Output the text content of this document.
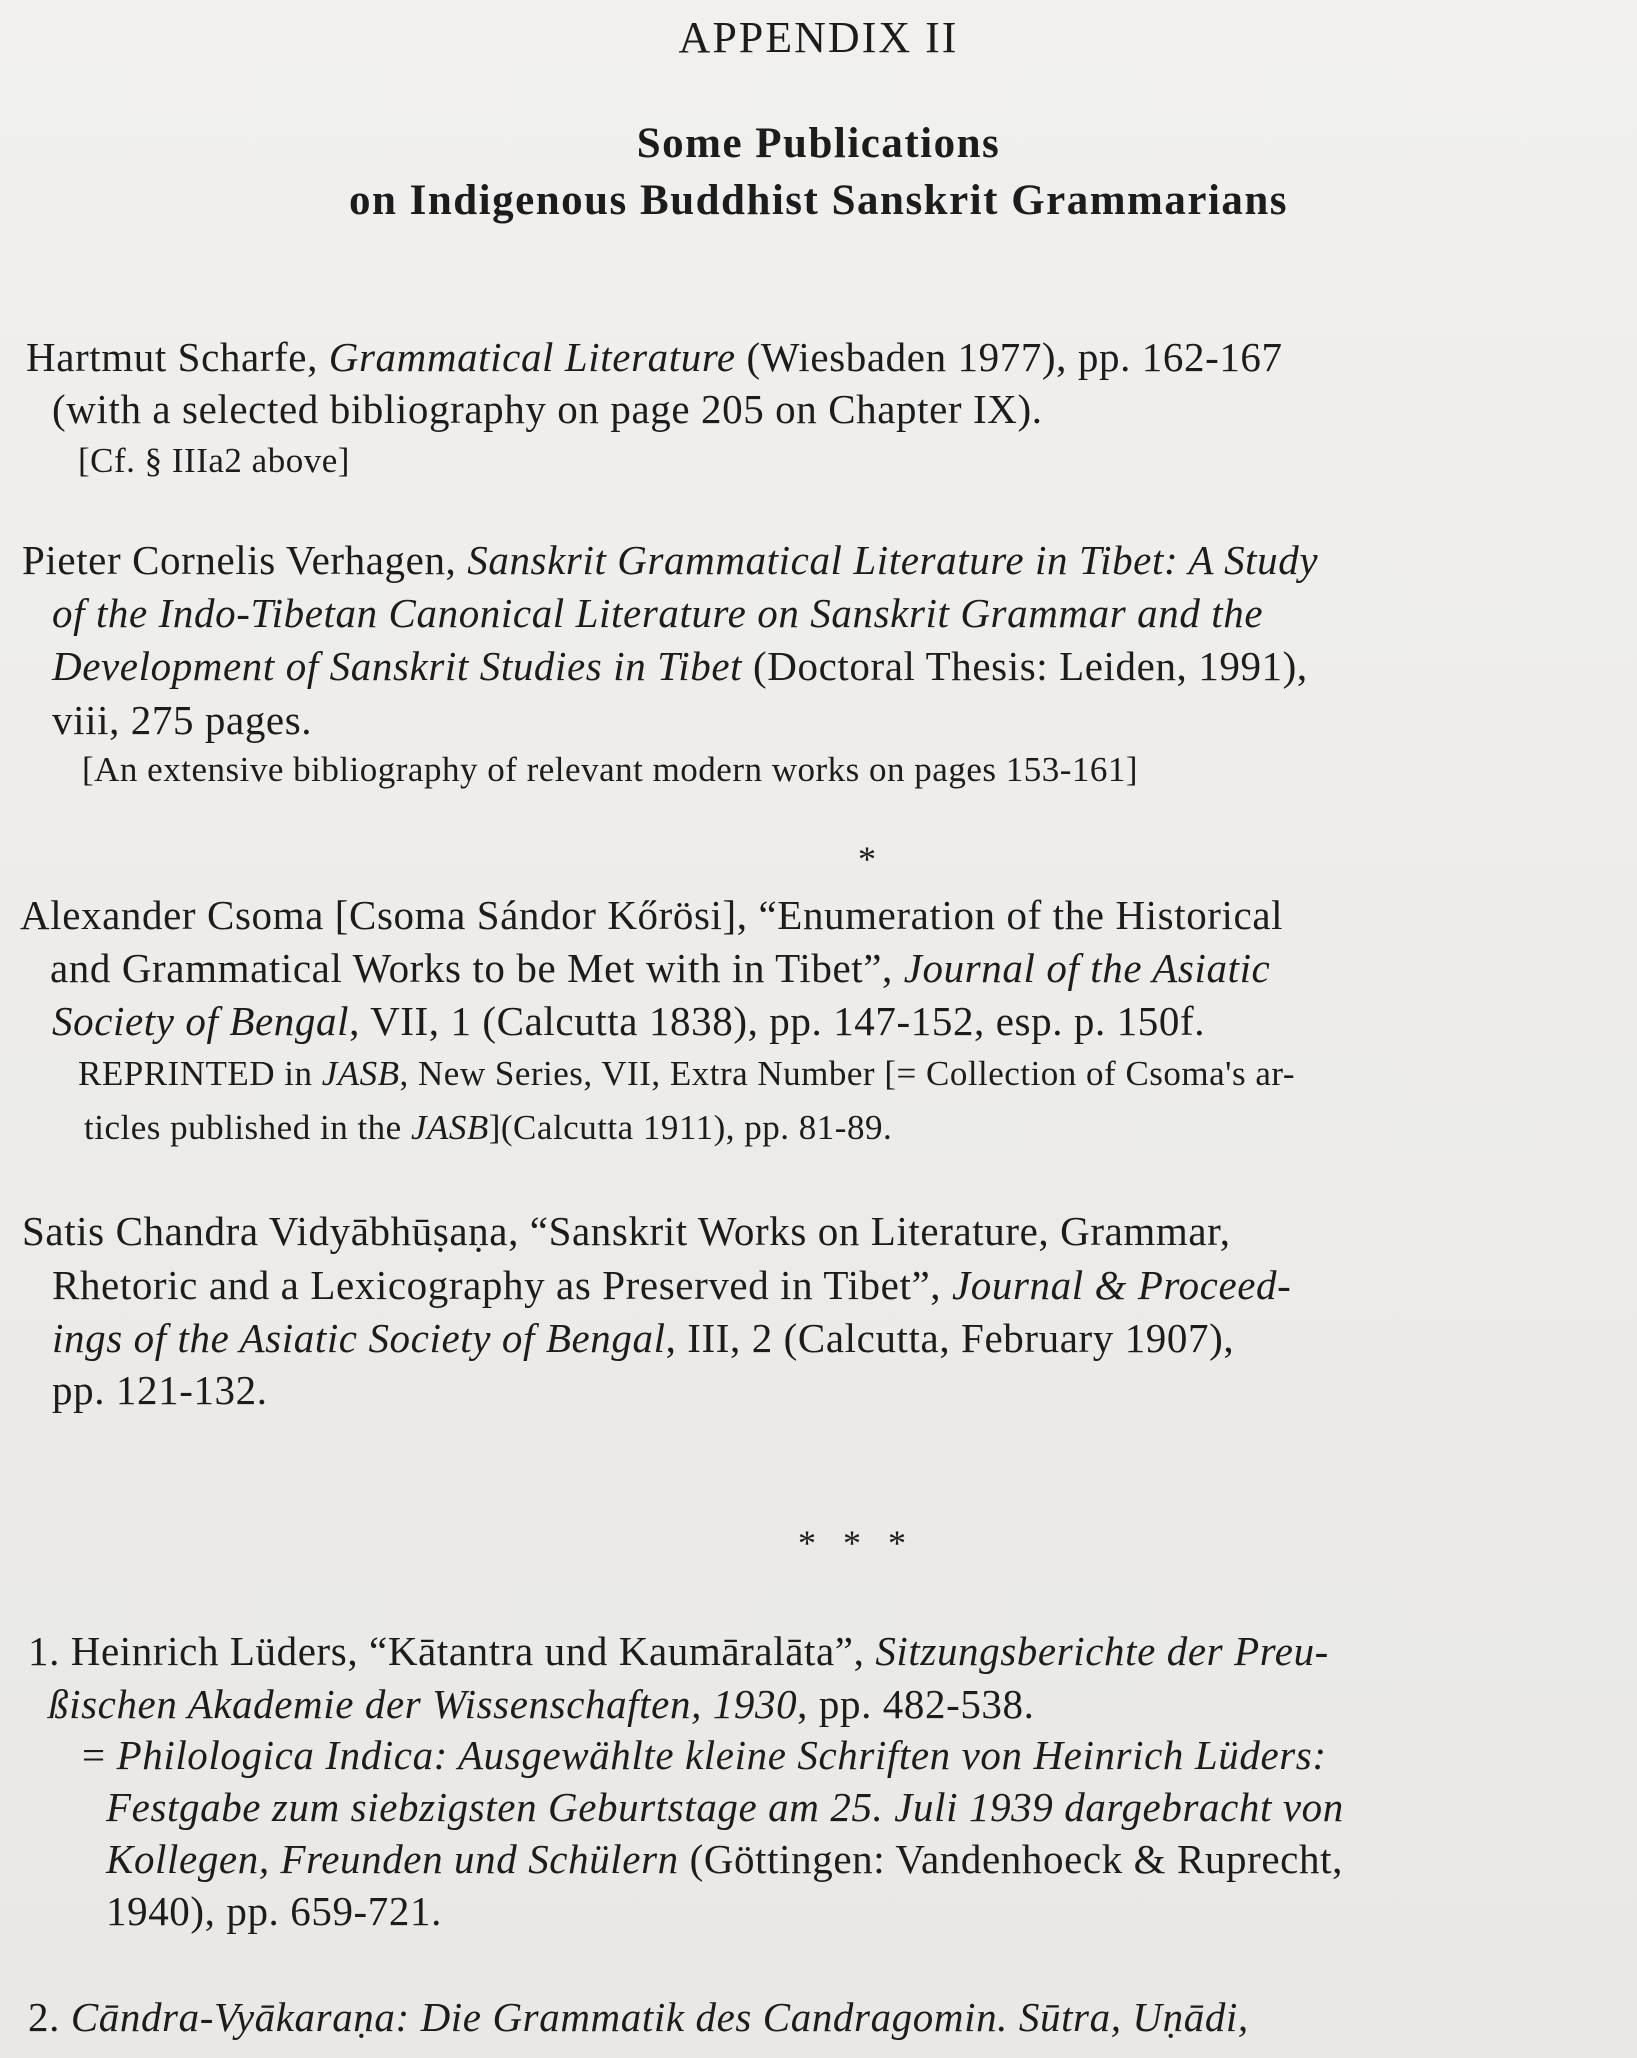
APPENDIX II
Some Publications
on Indigenous Buddhist Sanskrit Grammarians
Hartmut Scharfe, Grammatical Literature (Wiesbaden 1977), pp. 162-167
(with a selected bibliography on page 205 on Chapter IX).
[Cf. § IIIa2 above]
Pieter Cornelis Verhagen, Sanskrit Grammatical Literature in Tibet: A Study
of the Indo-Tibetan Canonical Literature on Sanskrit Grammar and the
Development of Sanskrit Studies in Tibet (Doctoral Thesis: Leiden, 1991),
viii, 275 pages.
[An extensive bibliography of relevant modern works on pages 153-161]
*
Alexander Csoma [Csoma Sándor Kőrösi], “Enumeration of the Historical
and Grammatical Works to be Met with in Tibet”, Journal of the Asiatic
Society of Bengal, VII, 1 (Calcutta 1838), pp. 147-152, esp. p. 150f.
REPRINTED in JASB, New Series, VII, Extra Number [= Collection of Csoma's ar-
ticles published in the JASB](Calcutta 1911), pp. 81-89.
Satis Chandra Vidyābhūṣaṇa, “Sanskrit Works on Literature, Grammar,
Rhetoric and a Lexicography as Preserved in Tibet”, Journal & Proceed-
ings of the Asiatic Society of Bengal, III, 2 (Calcutta, February 1907),
pp. 121-132.
*   *   *
1. Heinrich Lüders, “Kātantra und Kaumāralāta”, Sitzungsberichte der Preu-
ßischen Akademie der Wissenschaften, 1930, pp. 482-538.
= Philologica Indica: Ausgewählte kleine Schriften von Heinrich Lüders:
Festgabe zum siebzigsten Geburtstage am 25. Juli 1939 dargebracht von
Kollegen, Freunden und Schülern (Göttingen: Vandenhoeck & Ruprecht,
1940), pp. 659-721.
2. Cāndra-Vyākaraṇa: Die Grammatik des Candragomin. Sūtra, Uṇādi,
